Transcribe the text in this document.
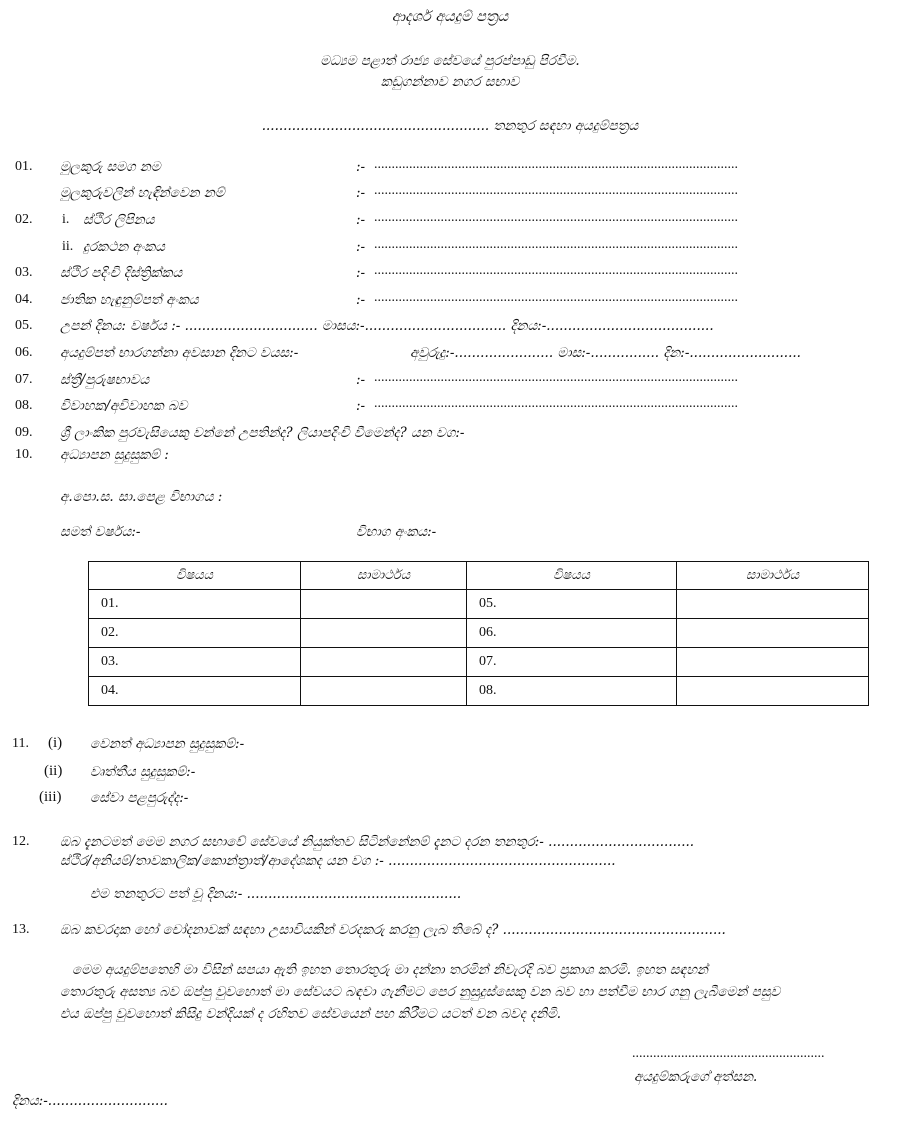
ආදර්ශ අයදුම් පත්‍රය
මධ්‍යම පළාත් රාජ්‍ය සේවයේ පුරප්පාඩු පිරවීම.
කඩුගන්නාව නගර සභාව
..................................................... තනතුර සඳහා අයදුම්පත්‍රය
01. මුලකුරු සමග නම	:- ........................................................................................................
මුලකුරුවලින් හැඳින්වෙන නම්	:- ........................................................................................................
02. i. ස්ථිර ලිපිනය	:- ........................................................................................................
ii. දුරකථන අංකය	:- ........................................................................................................
03. ස්ථිර පදිංචි දිස්ත්‍රික්කය	:- ........................................................................................................
04. ජාතික හැඳුනුම්පත් අංකය	:- ........................................................................................................
05. උපන් දිනය: වර්ෂය :- ............................... මාසය:-................................. දිනය:-.......................................
06. අයදුම්පත් භාරගන්නා අවසාන දිනට වයස:-	අවුරුදු:-....................... මාස:-................ දින:-..........................
07. ස්ත්‍රී/පුරුෂභාවය	:- ........................................................................................................
08. විවාහක/අවිවාහක බව	:- ........................................................................................................
09. ශ්‍රී ලාංකික පුරවැසියෙකු වන්නේ උපතින්ද? ලියාපදිංචි වීමෙන්ද? යන වග:-
10. අධ්‍යාපන සුදුසුකම් :
අ.පො.ස. සා.පෙළ විභාගය :
සමත් වර්ෂය:-	විභාග අංකය:-
විෂයය	සාමාර්ථය	විෂයය	සාමාර්ථය
01.		05.	
02.		06.	
03.		07.	
04.		08.	
11. (i) වෙනත් අධ්‍යාපන සුදුසුකම්:-
(ii) වෘත්තීය සුදුසුකම්:-
(iii) සේවා පළපුරුද්ද:-
12. ඔබ දැනටමත් මෙම නගර සභාවේ සේවයේ නියුක්තව සිටින්නේනම් දැනට දරන තනතුර:- ..................................
ස්ථිර/අනියම්/තාවකාලික/කොන්ත්‍රාත්/ආදේශකද යන වග :- .....................................................
එම තනතුරට පත් වූ දිනය:- ..................................................
13. ඔබ කවරදාක හෝ චෝදනාවක් සඳහා උසාවියකින් වරදකරු කරනු ලැබ තිබේ ද? ....................................................
මෙම අයදුම්පතෙහි මා විසින් සපයා ඇති ඉහත තොරතුරු මා දන්නා තරමින් නිවැරදි බව ප්‍රකාශ කරමි. ඉහත සඳහන්
තොරතුරු අසත්‍ය බව ඔප්පු වුවහොත් මා සේවයට බඳවා ගැනීමට පෙර නුසුදුස්සෙකු වන බව හා පත්වීම භාර ගනු ලැබීමෙන් පසුව
එය ඔප්පු වුවහොත් කිසිදු වන්දියක් ද රහිතව සේවයෙන් පහ කිරීමට යටත් වන බවද දනිමි.
.......................................................
අයදුම්කරුගේ අත්සන.
දිනය:-............................
